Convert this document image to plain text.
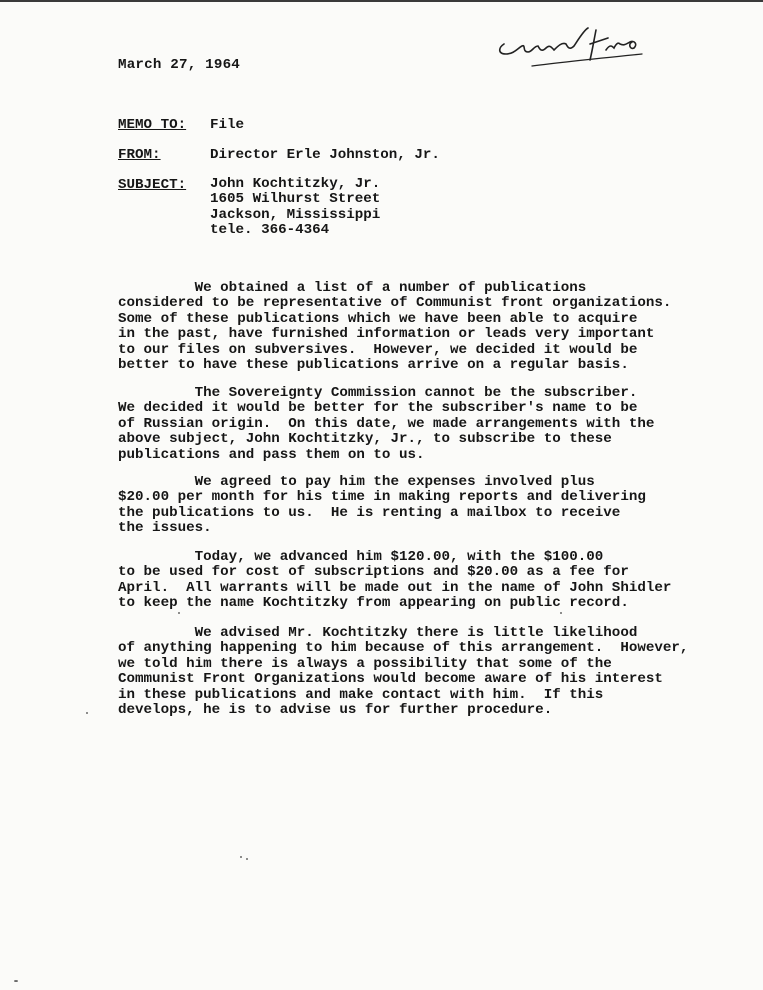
March 27, 1964
MEMO TO: File
FROM:	Director Erle Johnston, Jr.
SUBJECT: John Kochtitzky, Jr.
1605 Wilhurst Street
Jackson, Mississippi
tele. 366-4364
We obtained a list of a number of publications
considered to be representative of Communist front organizations.
Some of these publications which we have been able to acquire
in the past, have furnished information or leads very important
to our files on subversives.  However, we decided it would be
better to have these publications arrive on a regular basis.
The Sovereignty Commission cannot be the subscriber.
We decided it would be better for the subscriber's name to be
of Russian origin.  On this date, we made arrangements with the
above subject, John Kochtitzky, Jr., to subscribe to these
publications and pass them on to us.
We agreed to pay him the expenses involved plus
$20.00 per month for his time in making reports and delivering
the publications to us.  He is renting a mailbox to receive
the issues.
Today, we advanced him $120.00, with the $100.00
to be used for cost of subscriptions and $20.00 as a fee for
April.  All warrants will be made out in the name of John Shidler
to keep the name Kochtitzky from appearing on public record.
We advised Mr. Kochtitzky there is little likelihood
of anything happening to him because of this arrangement.  However,
we told him there is always a possibility that some of the
Communist Front Organizations would become aware of his interest
in these publications and make contact with him.  If this
develops, he is to advise us for further procedure.
